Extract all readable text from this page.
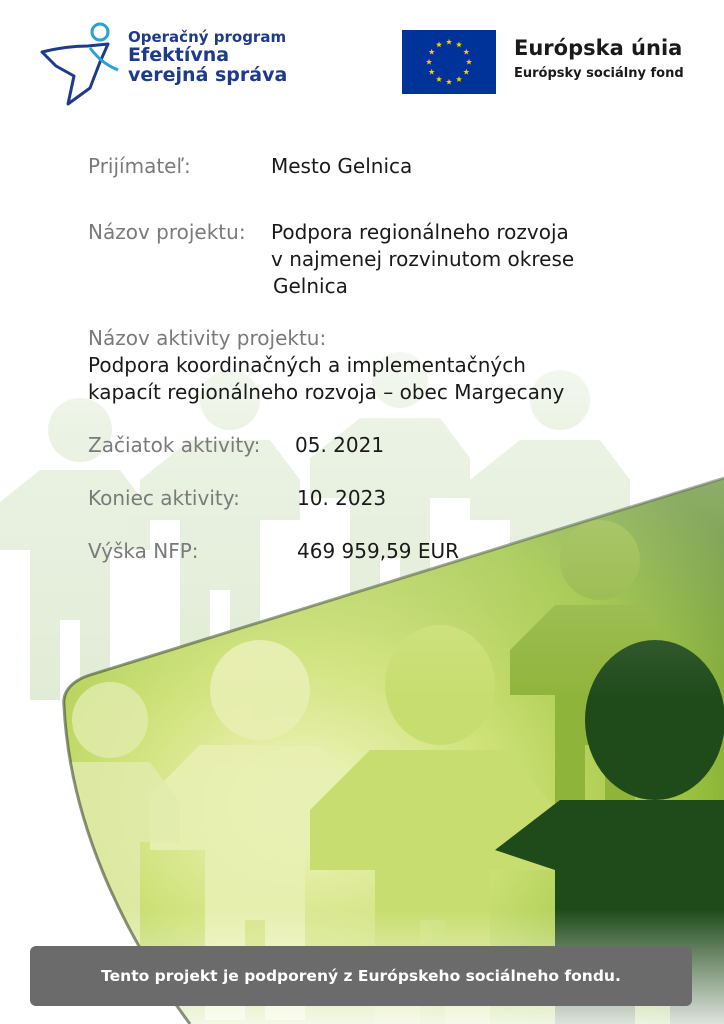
Operačný program
Efektívna
verejná správa
Európska únia
Európsky sociálny fond
Prijímateľ:	Mesto Gelnica
Názov projektu: Podpora regionálneho rozvoja
v najmenej rozvinutom okrese
Gelnica
Názov aktivity projektu:
Podpora koordinačných a implementačných
kapacít regionálneho rozvoja – obec Margecany
Začiatok aktivity: 05. 2021
Koniec aktivity:	10. 2023
Výška NFP:	469 959,59 EUR
Tento projekt je podporený z Európskeho sociálneho fondu.
